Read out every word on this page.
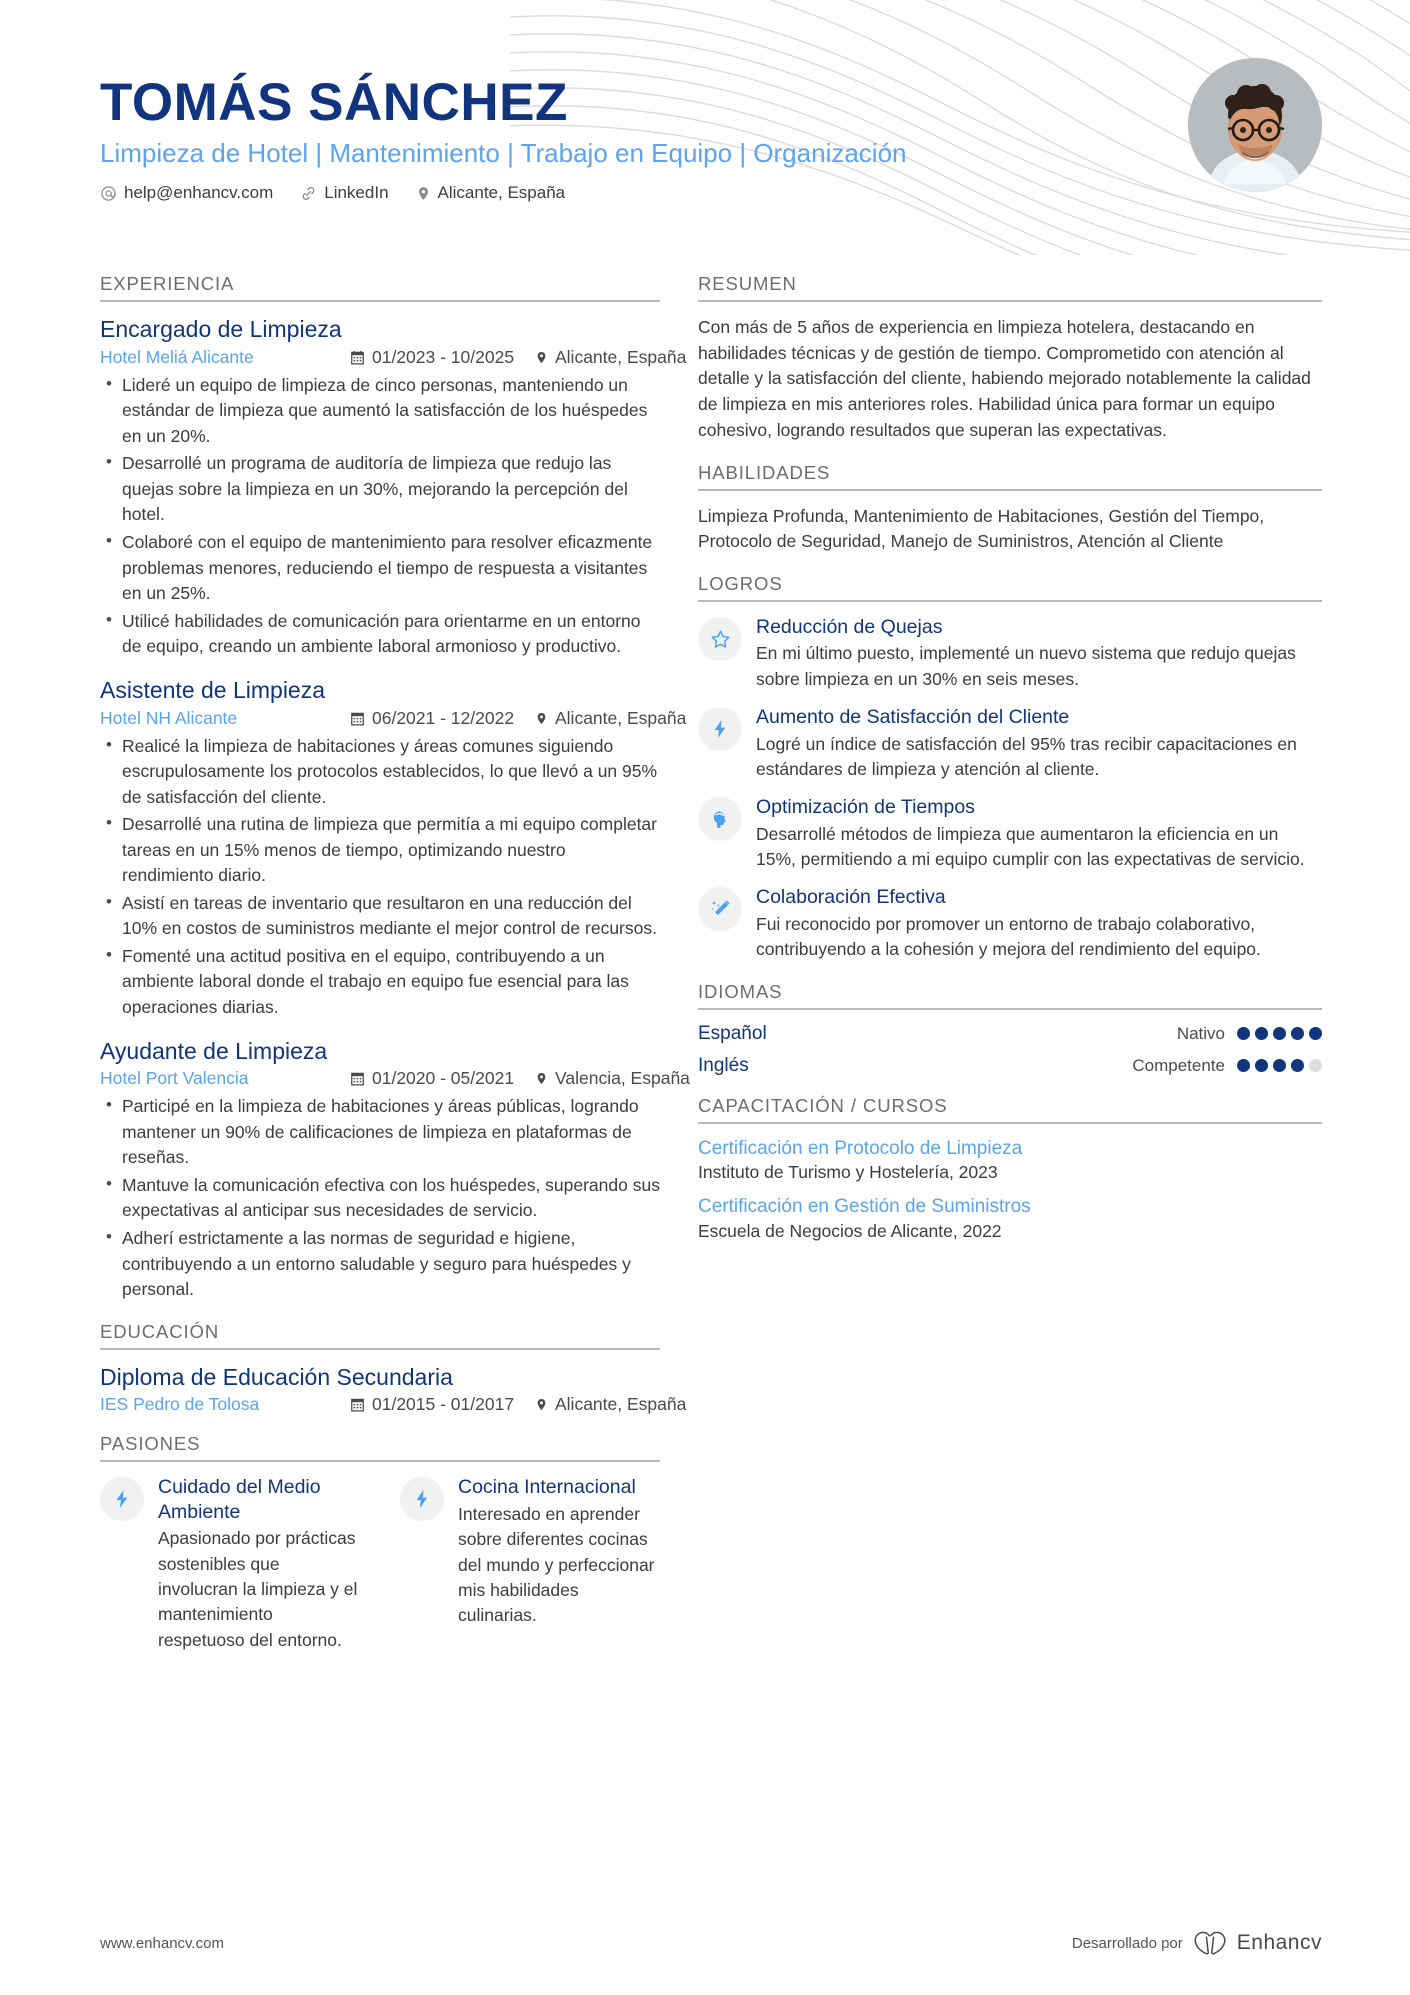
TOMÁS SÁNCHEZ
Limpieza de Hotel | Mantenimiento | Trabajo en Equipo | Organización
help@enhancv.com	LinkedIn	Alicante, España
EXPERIENCIA
Encargado de Limpieza
Hotel Meliá Alicante	01/2023 - 10/2025 Alicante, España
• Lideré un equipo de limpieza de cinco personas, manteniendo un estándar de limpieza que aumentó la satisfacción de los huéspedes en un 20%.
• Desarrollé un programa de auditoría de limpieza que redujo las quejas sobre la limpieza en un 30%, mejorando la percepción del hotel.
• Colaboré con el equipo de mantenimiento para resolver eficazmente problemas menores, reduciendo el tiempo de respuesta a visitantes en un 25%.
• Utilicé habilidades de comunicación para orientarme en un entorno de equipo, creando un ambiente laboral armonioso y productivo.
Asistente de Limpieza
Hotel NH Alicante	06/2021 - 12/2022 Alicante, España
• Realicé la limpieza de habitaciones y áreas comunes siguiendo escrupulosamente los protocolos establecidos, lo que llevó a un 95% de satisfacción del cliente.
• Desarrollé una rutina de limpieza que permitía a mi equipo completar tareas en un 15% menos de tiempo, optimizando nuestro rendimiento diario.
• Asistí en tareas de inventario que resultaron en una reducción del 10% en costos de suministros mediante el mejor control de recursos.
• Fomenté una actitud positiva en el equipo, contribuyendo a un ambiente laboral donde el trabajo en equipo fue esencial para las operaciones diarias.
Ayudante de Limpieza
Hotel Port Valencia	01/2020 - 05/2021 Valencia, España
• Participé en la limpieza de habitaciones y áreas públicas, logrando mantener un 90% de calificaciones de limpieza en plataformas de reseñas.
• Mantuve la comunicación efectiva con los huéspedes, superando sus expectativas al anticipar sus necesidades de servicio.
• Adherí estrictamente a las normas de seguridad e higiene, contribuyendo a un entorno saludable y seguro para huéspedes y personal.
EDUCACIÓN
Diploma de Educación Secundaria
IES Pedro de Tolosa	01/2015 - 01/2017 Alicante, España
PASIONES
Cuidado del Medio Ambiente
Apasionado por prácticas sostenibles que involucran la limpieza y el mantenimiento respetuoso del entorno.
Cocina Internacional
Interesado en aprender sobre diferentes cocinas del mundo y perfeccionar mis habilidades culinarias.
RESUMEN
Con más de 5 años de experiencia en limpieza hotelera, destacando en habilidades técnicas y de gestión de tiempo. Comprometido con atención al detalle y la satisfacción del cliente, habiendo mejorado notablemente la calidad de limpieza en mis anteriores roles. Habilidad única para formar un equipo cohesivo, logrando resultados que superan las expectativas.
HABILIDADES
Limpieza Profunda, Mantenimiento de Habitaciones, Gestión del Tiempo, Protocolo de Seguridad, Manejo de Suministros, Atención al Cliente
LOGROS
Reducción de Quejas
En mi último puesto, implementé un nuevo sistema que redujo quejas sobre limpieza en un 30% en seis meses.
Aumento de Satisfacción del Cliente
Logré un índice de satisfacción del 95% tras recibir capacitaciones en estándares de limpieza y atención al cliente.
Optimización de Tiempos
Desarrollé métodos de limpieza que aumentaron la eficiencia en un 15%, permitiendo a mi equipo cumplir con las expectativas de servicio.
Colaboración Efectiva
Fui reconocido por promover un entorno de trabajo colaborativo, contribuyendo a la cohesión y mejora del rendimiento del equipo.
IDIOMAS
Español	Nativo
Inglés	Competente
CAPACITACIÓN / CURSOS
Certificación en Protocolo de Limpieza
Instituto de Turismo y Hostelería, 2023
Certificación en Gestión de Suministros
Escuela de Negocios de Alicante, 2022
www.enhancv.com	Desarrollado por	Enhancv
